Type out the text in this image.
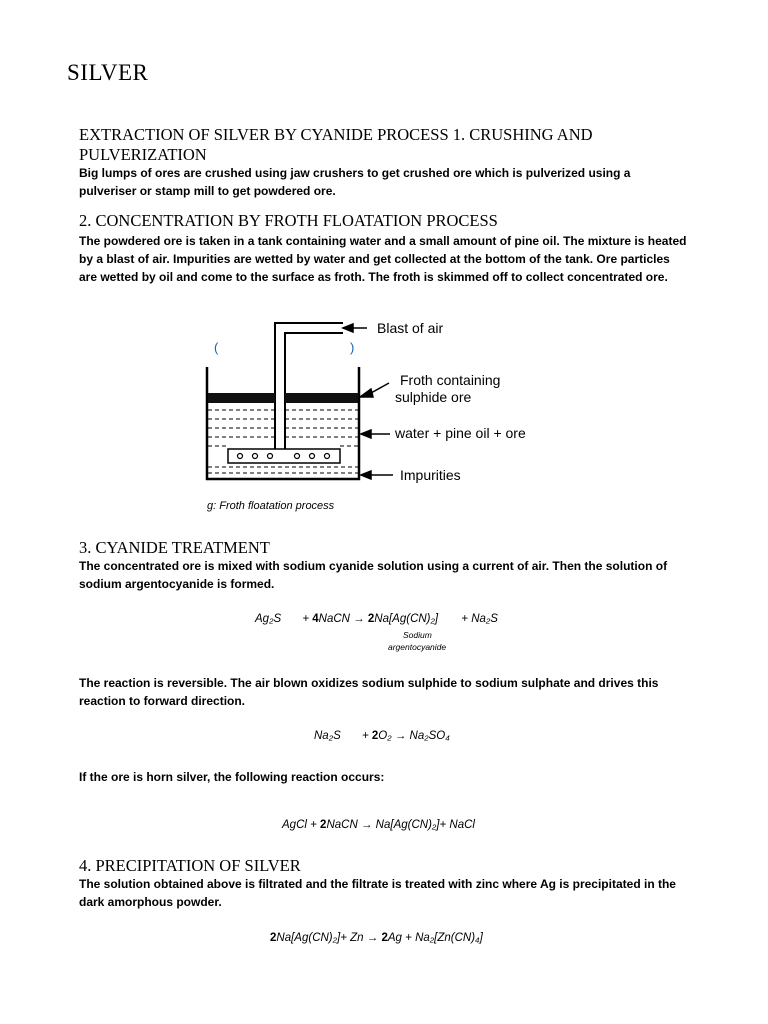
SILVER
EXTRACTION OF SILVER BY CYANIDE PROCESS 1. CRUSHING AND PULVERIZATION
Big lumps of ores are crushed using jaw crushers to get crushed ore which is pulverized using a pulveriser or stamp mill to get powdered ore.
2. CONCENTRATION BY FROTH FLOATATION PROCESS
The powdered ore is taken in a tank containing water and a small amount of pine oil. The mixture is heated by a blast of air. Impurities are wetted by water and get collected at the bottom of the tank. Ore particles are wetted by oil and come to the surface as froth. The froth is skimmed off to collect concentrated ore.
(	)
Blast of air
Froth containing
sulphide ore
water + pine oil + ore
Impurities
g: Froth floatation process
3. CYANIDE TREATMENT
The concentrated ore is mixed with sodium cyanide solution using a current of air. Then the solution of sodium argentocyanide is formed.
Ag₂S + 4NaCN → 2Na[Ag(CN)₂] + Na₂S
Sodium
argentocyanide
The reaction is reversible. The air blown oxidizes sodium sulphide to sodium sulphate and drives this reaction to forward direction.
Na₂S + 2O₂ → Na₂SO₄
If the ore is horn silver, the following reaction occurs:
AgCl + 2NaCN → Na[Ag(CN)₂]+ NaCl
4. PRECIPITATION OF SILVER
The solution obtained above is filtrated and the filtrate is treated with zinc where Ag is precipitated in the dark amorphous powder.
2Na[Ag(CN)₂]+ Zn → 2Ag + Na₂[Zn(CN)₄]
